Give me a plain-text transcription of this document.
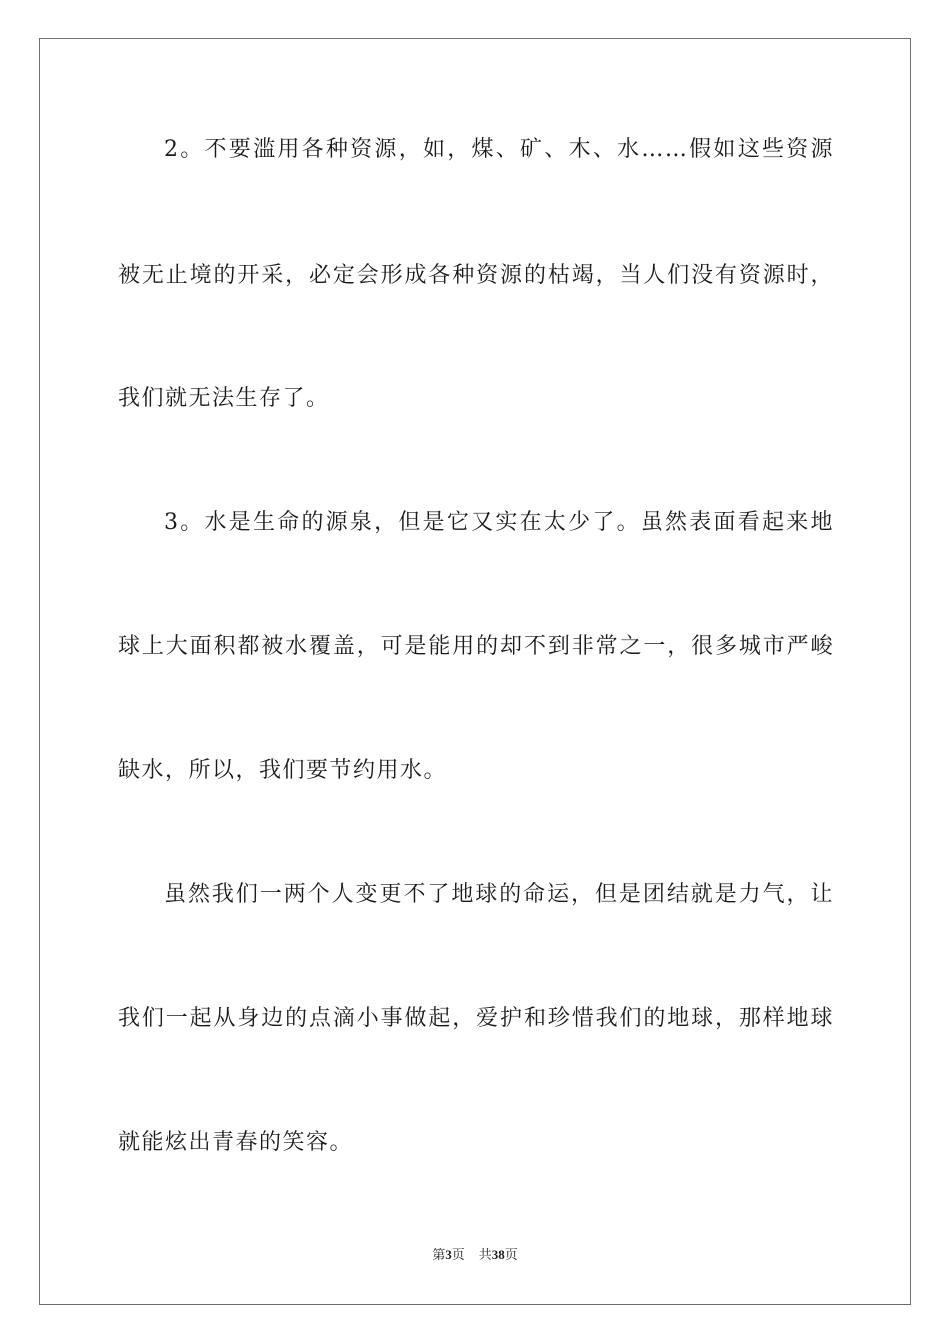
2。不要滥用各种资源，如，煤、矿、木、水……假如这些资源
被无止境的开采，必定会形成各种资源的枯竭，当人们没有资源时，
我们就无法生存了。
3。水是生命的源泉，但是它又实在太少了。虽然表面看起来地
球上大面积都被水覆盖，可是能用的却不到非常之一，很多城市严峻
缺水，所以，我们要节约用水。
虽然我们一两个人变更不了地球的命运，但是团结就是力气，让
我们一起从身边的点滴小事做起，爱护和珍惜我们的地球，那样地球
就能炫出青春的笑容。
第3页 共38页
